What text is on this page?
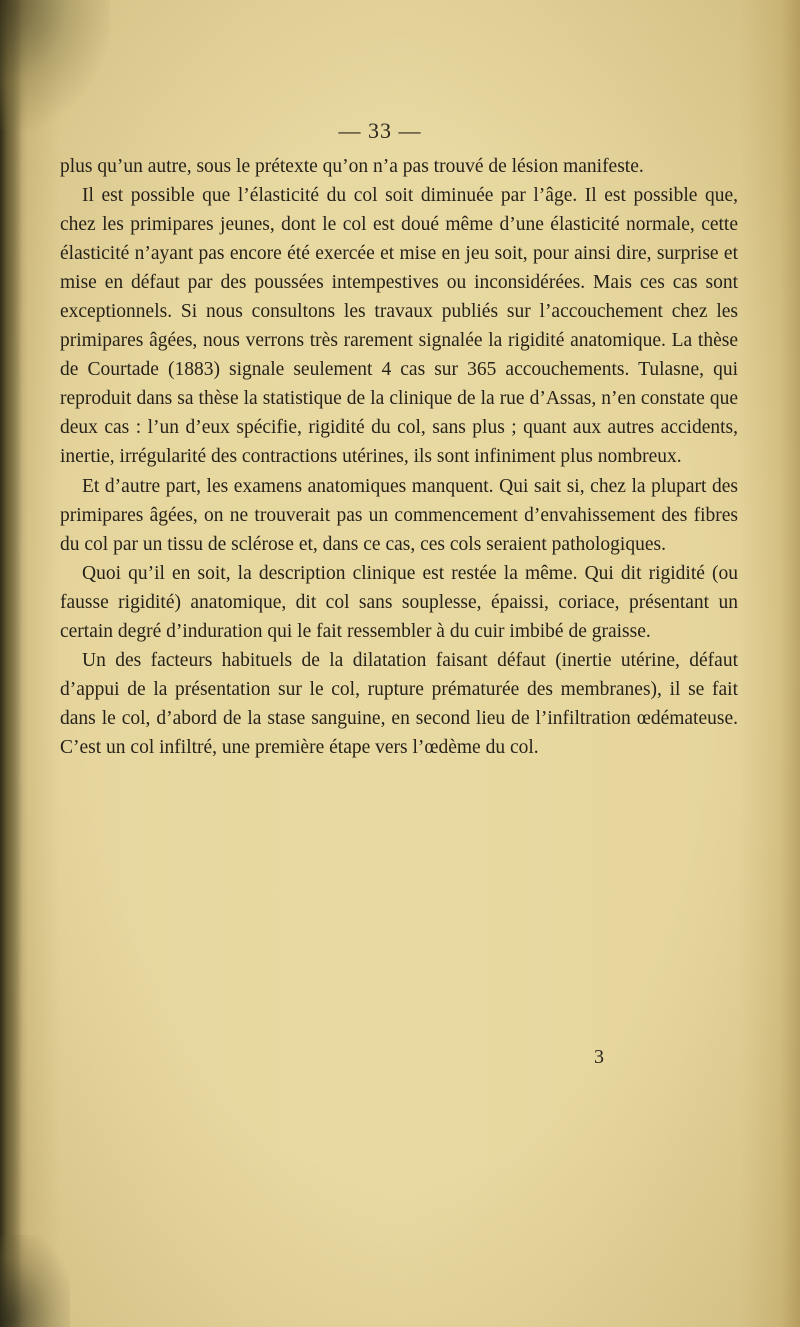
— 33 —

plus qu’un autre, sous le prétexte qu’on n’a pas trouvé de lésion manifeste.

Il est possible que l’élasticité du col soit diminuée par l’âge. Il est possible que, chez les primipares jeunes, dont le col est doué même d’une élasticité normale, cette élasticité n’ayant pas encore été exercée et mise en jeu soit, pour ainsi dire, surprise et mise en défaut par des poussées intempestives ou inconsidérées. Mais ces cas sont exceptionnels. Si nous consultons les travaux publiés sur l’accouchement chez les primipares âgées, nous verrons très rarement signalée la rigidité anatomique. La thèse de Courtade (1883) signale seulement 4 cas sur 365 accouchements. Tulasne, qui reproduit dans sa thèse la statistique de la clinique de la rue d’Assas, n’en constate que deux cas : l’un d’eux spécifie, rigidité du col, sans plus ; quant aux autres accidents, inertie, irrégularité des contractions utérines, ils sont infiniment plus nombreux.

Et d’autre part, les examens anatomiques manquent. Qui sait si, chez la plupart des primipares âgées, on ne trouverait pas un commencement d’envahissement des fibres du col par un tissu de sclérose et, dans ce cas, ces cols seraient pathologiques.

Quoi qu’il en soit, la description clinique est restée la même. Qui dit rigidité (ou fausse rigidité) anatomique, dit col sans souplesse, épaissi, coriace, présentant un certain degré d’induration qui le fait ressembler à du cuir imbibé de graisse.

Un des facteurs habituels de la dilatation faisant défaut (inertie utérine, défaut d’appui de la présentation sur le col, rupture prématurée des membranes), il se fait dans le col, d’abord de la stase sanguine, en second lieu de l’infiltration œdémateuse. C’est un col infiltré, une première étape vers l’œdème du col.

3
